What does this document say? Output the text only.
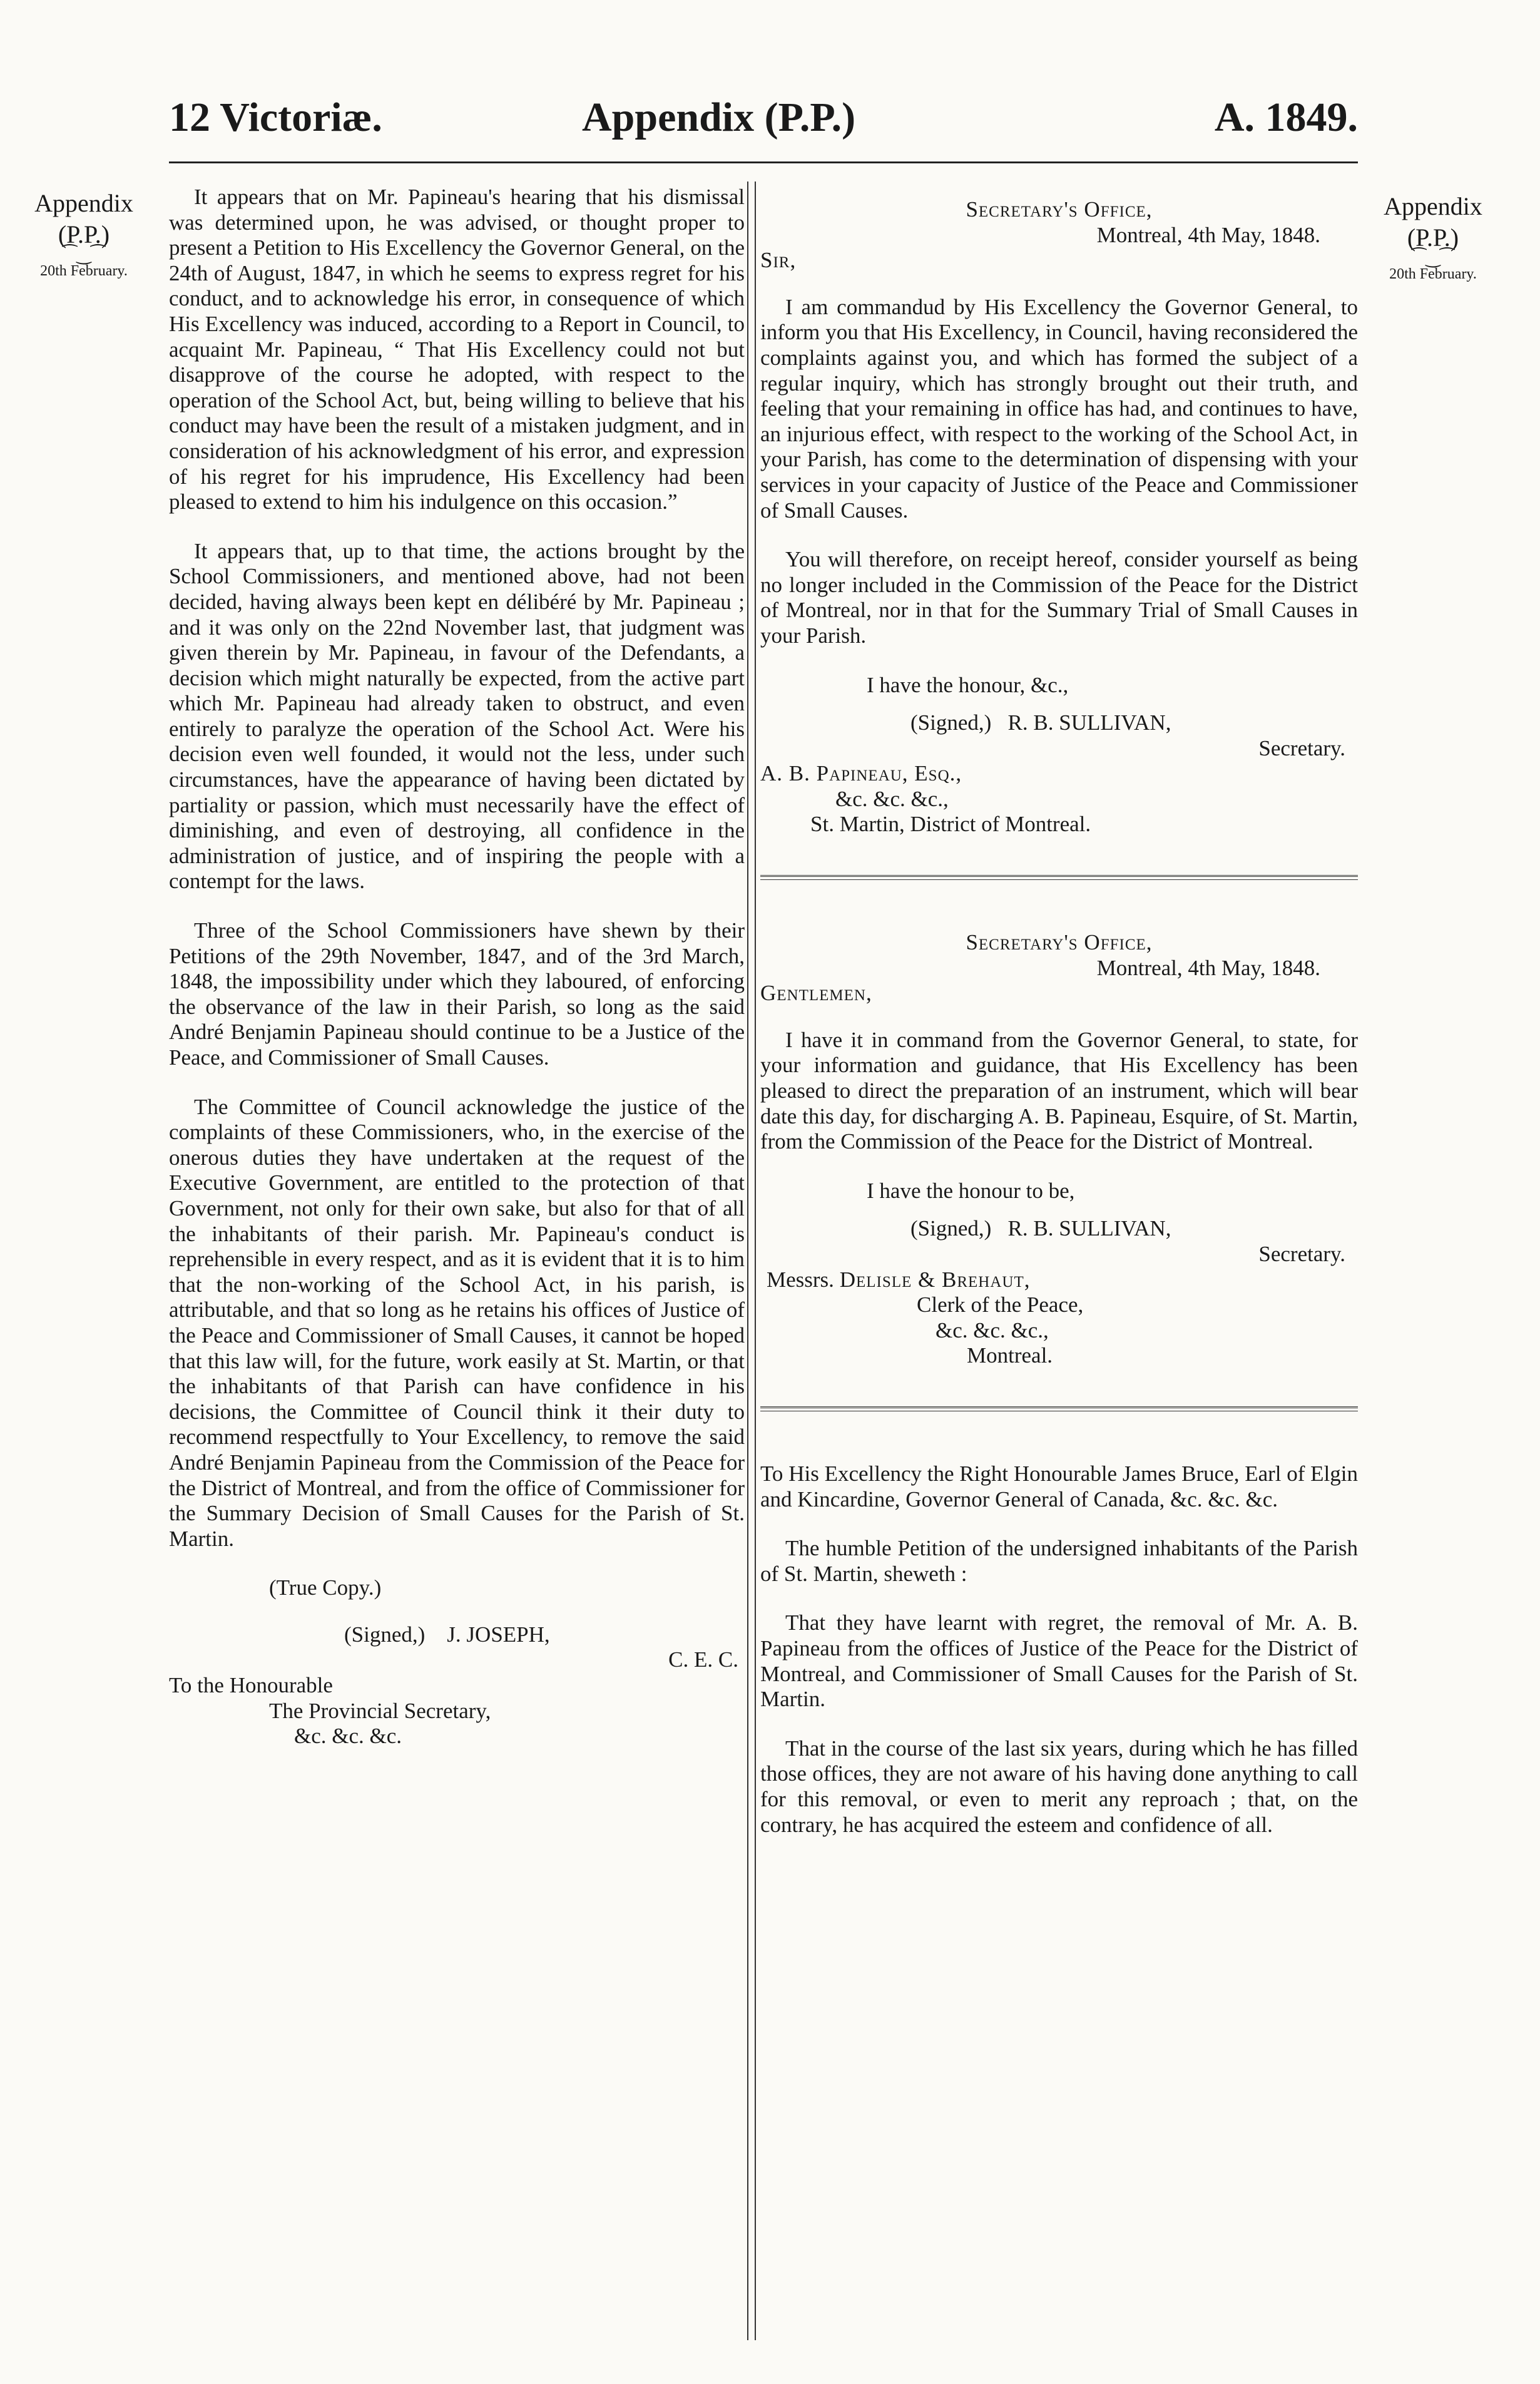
12 Victoriæ.	Appendix (P.P.)	A. 1849.
Appendix
(P.P.)
⁀‿⁀
20th February.
Appendix
(P.P.)
⁀‿⁀
20th February.

It appears that on Mr. Papineau's hearing that his dismissal was determined upon, he was advised, or thought proper to present a Petition to His Excellency the Governor General, on the 24th of August, 1847, in which he seems to express regret for his conduct, and to acknowledge his error, in consequence of which His Excellency was induced, according to a Report in Council, to acquaint Mr. Papineau, “ That His Excellency could not but disapprove of the course he adopted, with respect to the operation of the School Act, but, being willing to believe that his conduct may have been the result of a mistaken judgment, and in consideration of his acknowledgment of his error, and expression of his regret for his imprudence, His Excellency had been pleased to extend to him his indulgence on this occasion.”

It appears that, up to that time, the actions brought by the School Commissioners, and mentioned above, had not been decided, having always been kept en délibéré by Mr. Papineau ; and it was only on the 22nd November last, that judgment was given therein by Mr. Papineau, in favour of the Defendants, a decision which might naturally be expected, from the active part which Mr. Papineau had already taken to obstruct, and even entirely to paralyze the operation of the School Act. Were his decision even well founded, it would not the less, under such circumstances, have the appearance of having been dictated by partiality or passion, which must necessarily have the effect of diminishing, and even of destroying, all confidence in the administration of justice, and of inspiring the people with a contempt for the laws.

Three of the School Commissioners have shewn by their Petitions of the 29th November, 1847, and of the 3rd March, 1848, the impossibility under which they laboured, of enforcing the observance of the law in their Parish, so long as the said André Benjamin Papineau should continue to be a Justice of the Peace, and Commissioner of Small Causes.

The Committee of Council acknowledge the justice of the complaints of these Commissioners, who, in the exercise of the onerous duties they have undertaken at the request of the Executive Government, are entitled to the protection of that Government, not only for their own sake, but also for that of all the inhabitants of their parish. Mr. Papineau's conduct is reprehensible in every respect, and as it is evident that it is to him that the non-working of the School Act, in his parish, is attributable, and that so long as he retains his offices of Justice of the Peace and Commissioner of Small Causes, it cannot be hoped that this law will, for the future, work easily at St. Martin, or that the inhabitants of that Parish can have confidence in his decisions, the Committee of Council think it their duty to recommend respectfully to Your Excellency, to remove the said André Benjamin Papineau from the Commission of the Peace for the District of Montreal, and from the office of Commissioner for the Summary Decision of Small Causes for the Parish of St. Martin.

(True Copy.)
(Signed,) J. JOSEPH,
C. E. C.
To the Honourable
The Provincial Secretary,
&c. &c. &c.
Secretary's Office,
Montreal, 4th May, 1848.
Sir,

I am commandud by His Excellency the Governor General, to inform you that His Excellency, in Council, having reconsidered the complaints against you, and which has formed the subject of a regular inquiry, which has strongly brought out their truth, and feeling that your remaining in office has had, and continues to have, an injurious effect, with respect to the working of the School Act, in your Parish, has come to the determination of dispensing with your services in your capacity of Justice of the Peace and Commissioner of Small Causes.

You will therefore, on receipt hereof, consider yourself as being no longer included in the Commission of the Peace for the District of Montreal, nor in that for the Summary Trial of Small Causes in your Parish.

I have the honour, &c.,
(Signed,) R. B. SULLIVAN,
Secretary.
A. B. Papineau, Esq.,
&c. &c. &c.,
St. Martin, District of Montreal.
Secretary's Office,
Montreal, 4th May, 1848.
Gentlemen,

I have it in command from the Governor General, to state, for your information and guidance, that His Excellency has been pleased to direct the preparation of an instrument, which will bear date this day, for discharging A. B. Papineau, Esquire, of St. Martin, from the Commission of the Peace for the District of Montreal.

I have the honour to be,
(Signed,) R. B. SULLIVAN,
Secretary.
Messrs. Delisle & Brehaut,
Clerk of the Peace,
&c. &c. &c.,
Montreal.

To His Excellency the Right Honourable James Bruce, Earl of Elgin and Kincardine, Governor General of Canada, &c. &c. &c.

The humble Petition of the undersigned inhabitants of the Parish of St. Martin, sheweth :

That they have learnt with regret, the removal of Mr. A. B. Papineau from the offices of Justice of the Peace for the District of Montreal, and Commissioner of Small Causes for the Parish of St. Martin.

That in the course of the last six years, during which he has filled those offices, they are not aware of his having done anything to call for this removal, or even to merit any reproach ; that, on the contrary, he has acquired the esteem and confidence of all.
